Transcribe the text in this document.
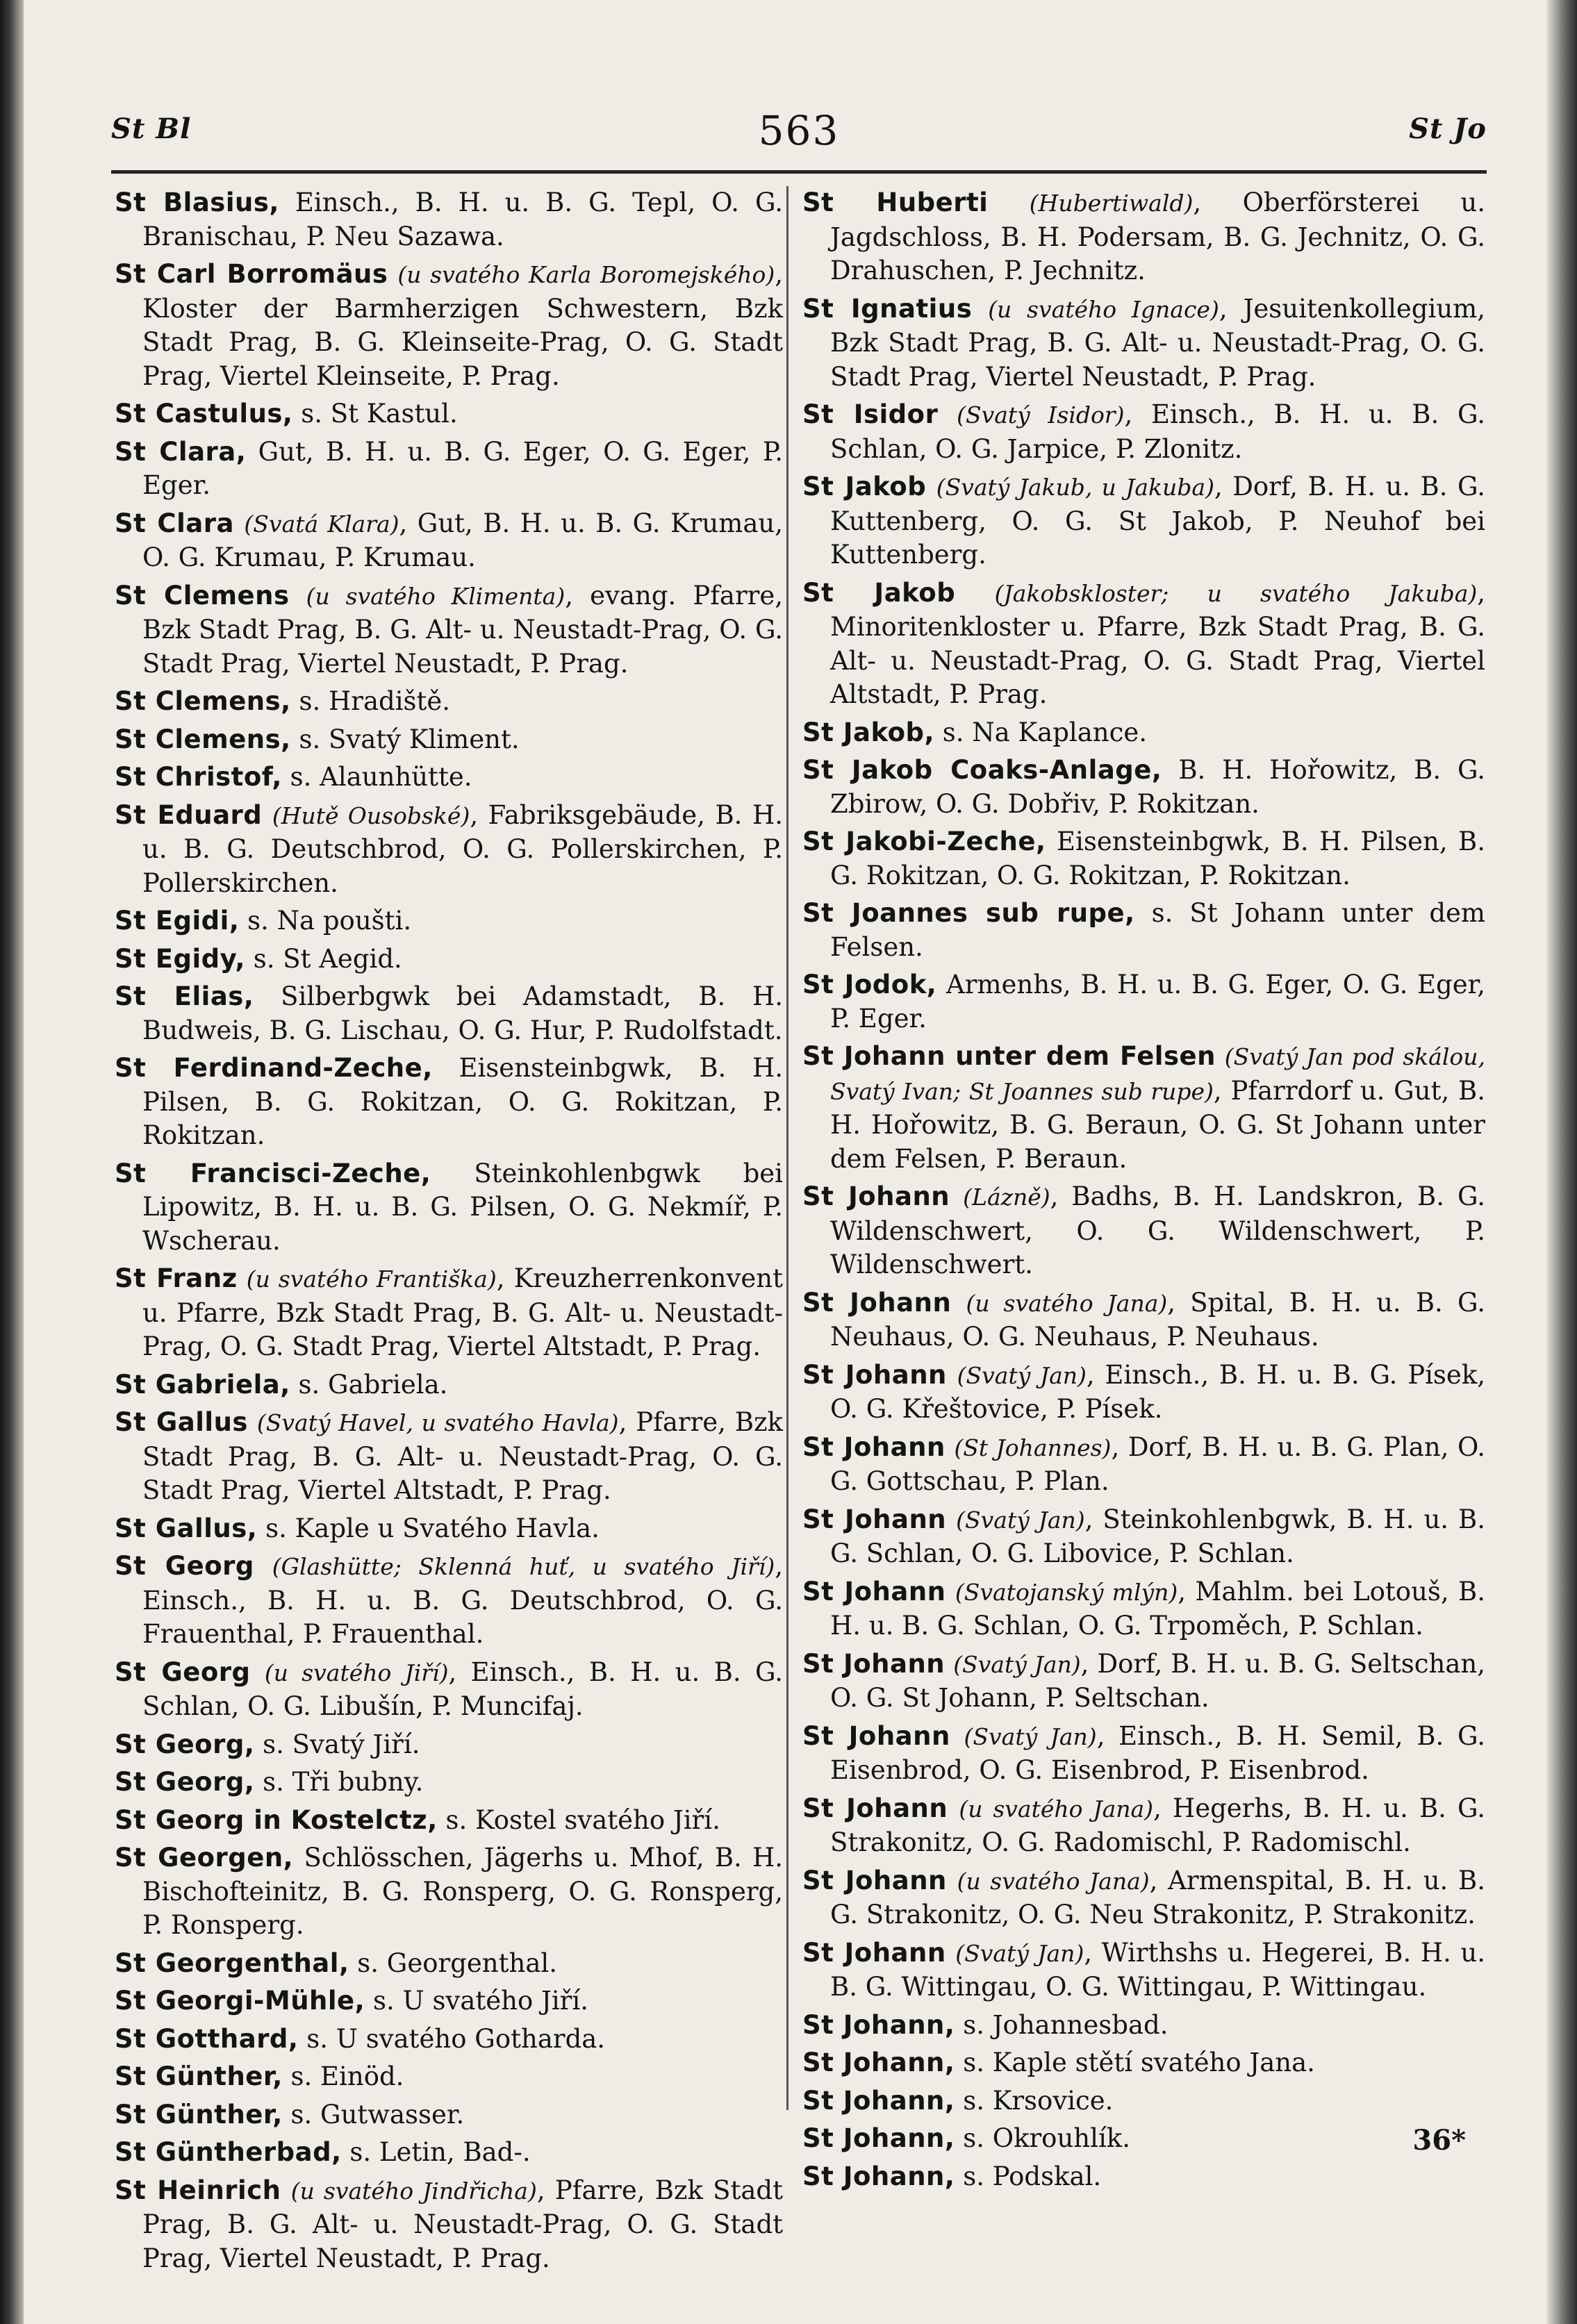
St Bl	563	St Jo
St Blasius, Einsch., B. H. u. B. G. Tepl, O. G. Branischau, P. Neu Sazawa.
St Carl Borromäus (u svatého Karla Boromejského), Kloster der Barmherzigen Schwestern, Bzk Stadt Prag, B. G. Kleinseite-Prag, O. G. Stadt Prag, Viertel Kleinseite, P. Prag.
St Castulus, s. St Kastul.
St Clara, Gut, B. H. u. B. G. Eger, O. G. Eger, P. Eger.
St Clara (Svatá Klara), Gut, B. H. u. B. G. Krumau, O. G. Krumau, P. Krumau.
St Clemens (u svatého Klimenta), evang. Pfarre, Bzk Stadt Prag, B. G. Alt- u. Neustadt-Prag, O. G. Stadt Prag, Viertel Neustadt, P. Prag.
St Clemens, s. Hradiště.
St Clemens, s. Svatý Kliment.
St Christof, s. Alaunhütte.
St Eduard (Hutě Ousobské), Fabriksgebäude, B. H. u. B. G. Deutschbrod, O. G. Pollerskirchen, P. Pollerskirchen.
St Egidi, s. Na poušti.
St Egidy, s. St Aegid.
St Elias, Silberbgwk bei Adamstadt, B. H. Budweis, B. G. Lischau, O. G. Hur, P. Rudolfstadt.
St Ferdinand-Zeche, Eisensteinbgwk, B. H. Pilsen, B. G. Rokitzan, O. G. Rokitzan, P. Rokitzan.
St Francisci-Zeche, Steinkohlenbgwk bei Lipowitz, B. H. u. B. G. Pilsen, O. G. Nekmíř, P. Wscherau.
St Franz (u svatého Františka), Kreuzherrenkonvent u. Pfarre, Bzk Stadt Prag, B. G. Alt- u. Neustadt-Prag, O. G. Stadt Prag, Viertel Altstadt, P. Prag.
St Gabriela, s. Gabriela.
St Gallus (Svatý Havel, u svatého Havla), Pfarre, Bzk Stadt Prag, B. G. Alt- u. Neustadt-Prag, O. G. Stadt Prag, Viertel Altstadt, P. Prag.
St Gallus, s. Kaple u Svatého Havla.
St Georg (Glashütte; Sklenná huť, u svatého Jiří), Einsch., B. H. u. B. G. Deutschbrod, O. G. Frauenthal, P. Frauenthal.
St Georg (u svatého Jiří), Einsch., B. H. u. B. G. Schlan, O. G. Libušín, P. Muncifaj.
St Georg, s. Svatý Jiří.
St Georg, s. Tři bubny.
St Georg in Kostelctz, s. Kostel svatého Jiří.
St Georgen, Schlösschen, Jägerhs u. Mhof, B. H. Bischofteinitz, B. G. Ronsperg, O. G. Ronsperg, P. Ronsperg.
St Georgenthal, s. Georgenthal.
St Georgi-Mühle, s. U svatého Jiří.
St Gotthard, s. U svatého Gotharda.
St Günther, s. Einöd.
St Günther, s. Gutwasser.
St Güntherbad, s. Letin, Bad-.
St Heinrich (u svatého Jindřicha), Pfarre, Bzk Stadt Prag, B. G. Alt- u. Neustadt-Prag, O. G. Stadt Prag, Viertel Neustadt, P. Prag.
St Huberti (Hubertiwald), Oberförsterei u. Jagdschloss, B. H. Podersam, B. G. Jechnitz, O. G. Drahuschen, P. Jechnitz.
St Ignatius (u svatého Ignace), Jesuitenkollegium, Bzk Stadt Prag, B. G. Alt- u. Neustadt-Prag, O. G. Stadt Prag, Viertel Neustadt, P. Prag.
St Isidor (Svatý Isidor), Einsch., B. H. u. B. G. Schlan, O. G. Jarpice, P. Zlonitz.
St Jakob (Svatý Jakub, u Jakuba), Dorf, B. H. u. B. G. Kuttenberg, O. G. St Jakob, P. Neuhof bei Kuttenberg.
St Jakob (Jakobskloster; u svatého Jakuba), Minoritenkloster u. Pfarre, Bzk Stadt Prag, B. G. Alt- u. Neustadt-Prag, O. G. Stadt Prag, Viertel Altstadt, P. Prag.
St Jakob, s. Na Kaplance.
St Jakob Coaks-Anlage, B. H. Hořowitz, B. G. Zbirow, O. G. Dobřiv, P. Rokitzan.
St Jakobi-Zeche, Eisensteinbgwk, B. H. Pilsen, B. G. Rokitzan, O. G. Rokitzan, P. Rokitzan.
St Joannes sub rupe, s. St Johann unter dem Felsen.
St Jodok, Armenhs, B. H. u. B. G. Eger, O. G. Eger, P. Eger.
St Johann unter dem Felsen (Svatý Jan pod skálou, Svatý Ivan; St Joannes sub rupe), Pfarrdorf u. Gut, B. H. Hořowitz, B. G. Beraun, O. G. St Johann unter dem Felsen, P. Beraun.
St Johann (Lázně), Badhs, B. H. Landskron, B. G. Wildenschwert, O. G. Wildenschwert, P. Wildenschwert.
St Johann (u svatého Jana), Spital, B. H. u. B. G. Neuhaus, O. G. Neuhaus, P. Neuhaus.
St Johann (Svatý Jan), Einsch., B. H. u. B. G. Písek, O. G. Křeštovice, P. Písek.
St Johann (St Johannes), Dorf, B. H. u. B. G. Plan, O. G. Gottschau, P. Plan.
St Johann (Svatý Jan), Steinkohlenbgwk, B. H. u. B. G. Schlan, O. G. Libovice, P. Schlan.
St Johann (Svatojanský mlýn), Mahlm. bei Lotouš, B. H. u. B. G. Schlan, O. G. Trpoměch, P. Schlan.
St Johann (Svatý Jan), Dorf, B. H. u. B. G. Seltschan, O. G. St Johann, P. Seltschan.
St Johann (Svatý Jan), Einsch., B. H. Semil, B. G. Eisenbrod, O. G. Eisenbrod, P. Eisenbrod.
St Johann (u svatého Jana), Hegerhs, B. H. u. B. G. Strakonitz, O. G. Radomischl, P. Radomischl.
St Johann (u svatého Jana), Armenspital, B. H. u. B. G. Strakonitz, O. G. Neu Strakonitz, P. Strakonitz.
St Johann (Svatý Jan), Wirthshs u. Hegerei, B. H. u. B. G. Wittingau, O. G. Wittingau, P. Wittingau.
St Johann, s. Johannesbad.
St Johann, s. Kaple stětí svatého Jana.
St Johann, s. Krsovice.
St Johann, s. Okrouhlík.
St Johann, s. Podskal.
36*
